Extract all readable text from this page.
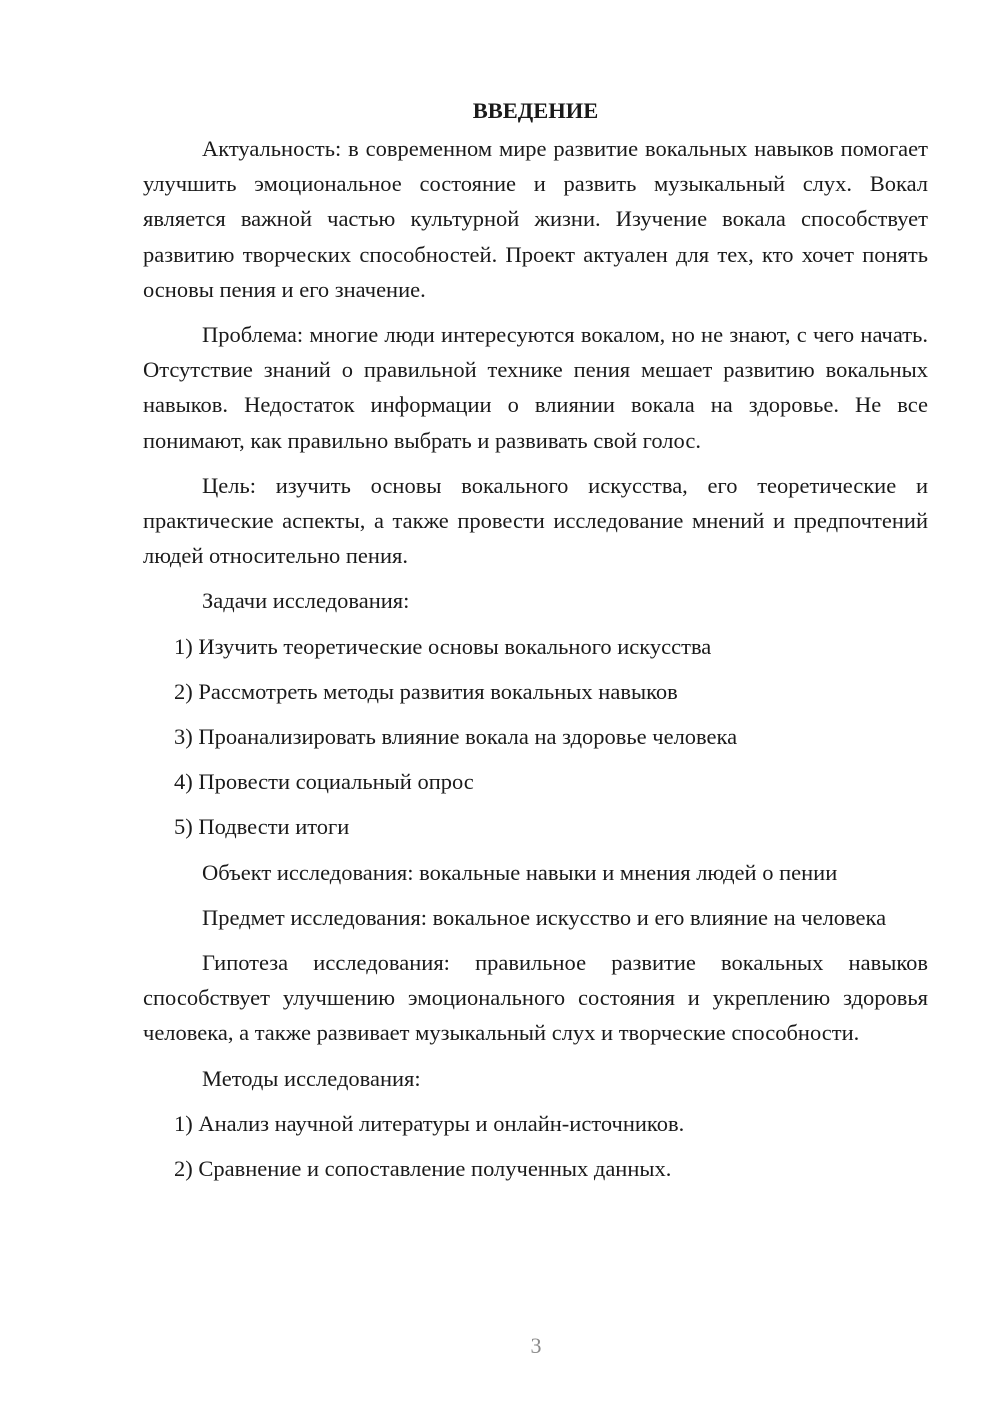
ВВЕДЕНИЕ

Актуальность: в современном мире развитие вокальных навыков помогает улучшить эмоциональное состояние и развить музыкальный слух. Вокал является важной частью культурной жизни. Изучение вокала способствует развитию творческих способностей. Проект актуален для тех, кто хочет понять основы пения и его значение.

Проблема: многие люди интересуются вокалом, но не знают, с чего начать. Отсутствие знаний о правильной технике пения мешает развитию вокальных навыков. Недостаток информации о влиянии вокала на здоровье. Не все понимают, как правильно выбрать и развивать свой голос.

Цель: изучить основы вокального искусства, его теоретические и практические аспекты, а также провести исследование мнений и предпочтений людей относительно пения.

Задачи исследования:

1) Изучить теоретические основы вокального искусства

2) Рассмотреть методы развития вокальных навыков

3) Проанализировать влияние вокала на здоровье человека

4) Провести социальный опрос

5) Подвести итоги

Объект исследования: вокальные навыки и мнения людей о пении

Предмет исследования: вокальное искусство и его влияние на человека

Гипотеза исследования: правильное развитие вокальных навыков способствует улучшению эмоционального состояния и укреплению здоровья человека, а также развивает музыкальный слух и творческие способности.

Методы исследования:

1) Анализ научной литературы и онлайн-источников.

2) Сравнение и сопоставление полученных данных.

3
